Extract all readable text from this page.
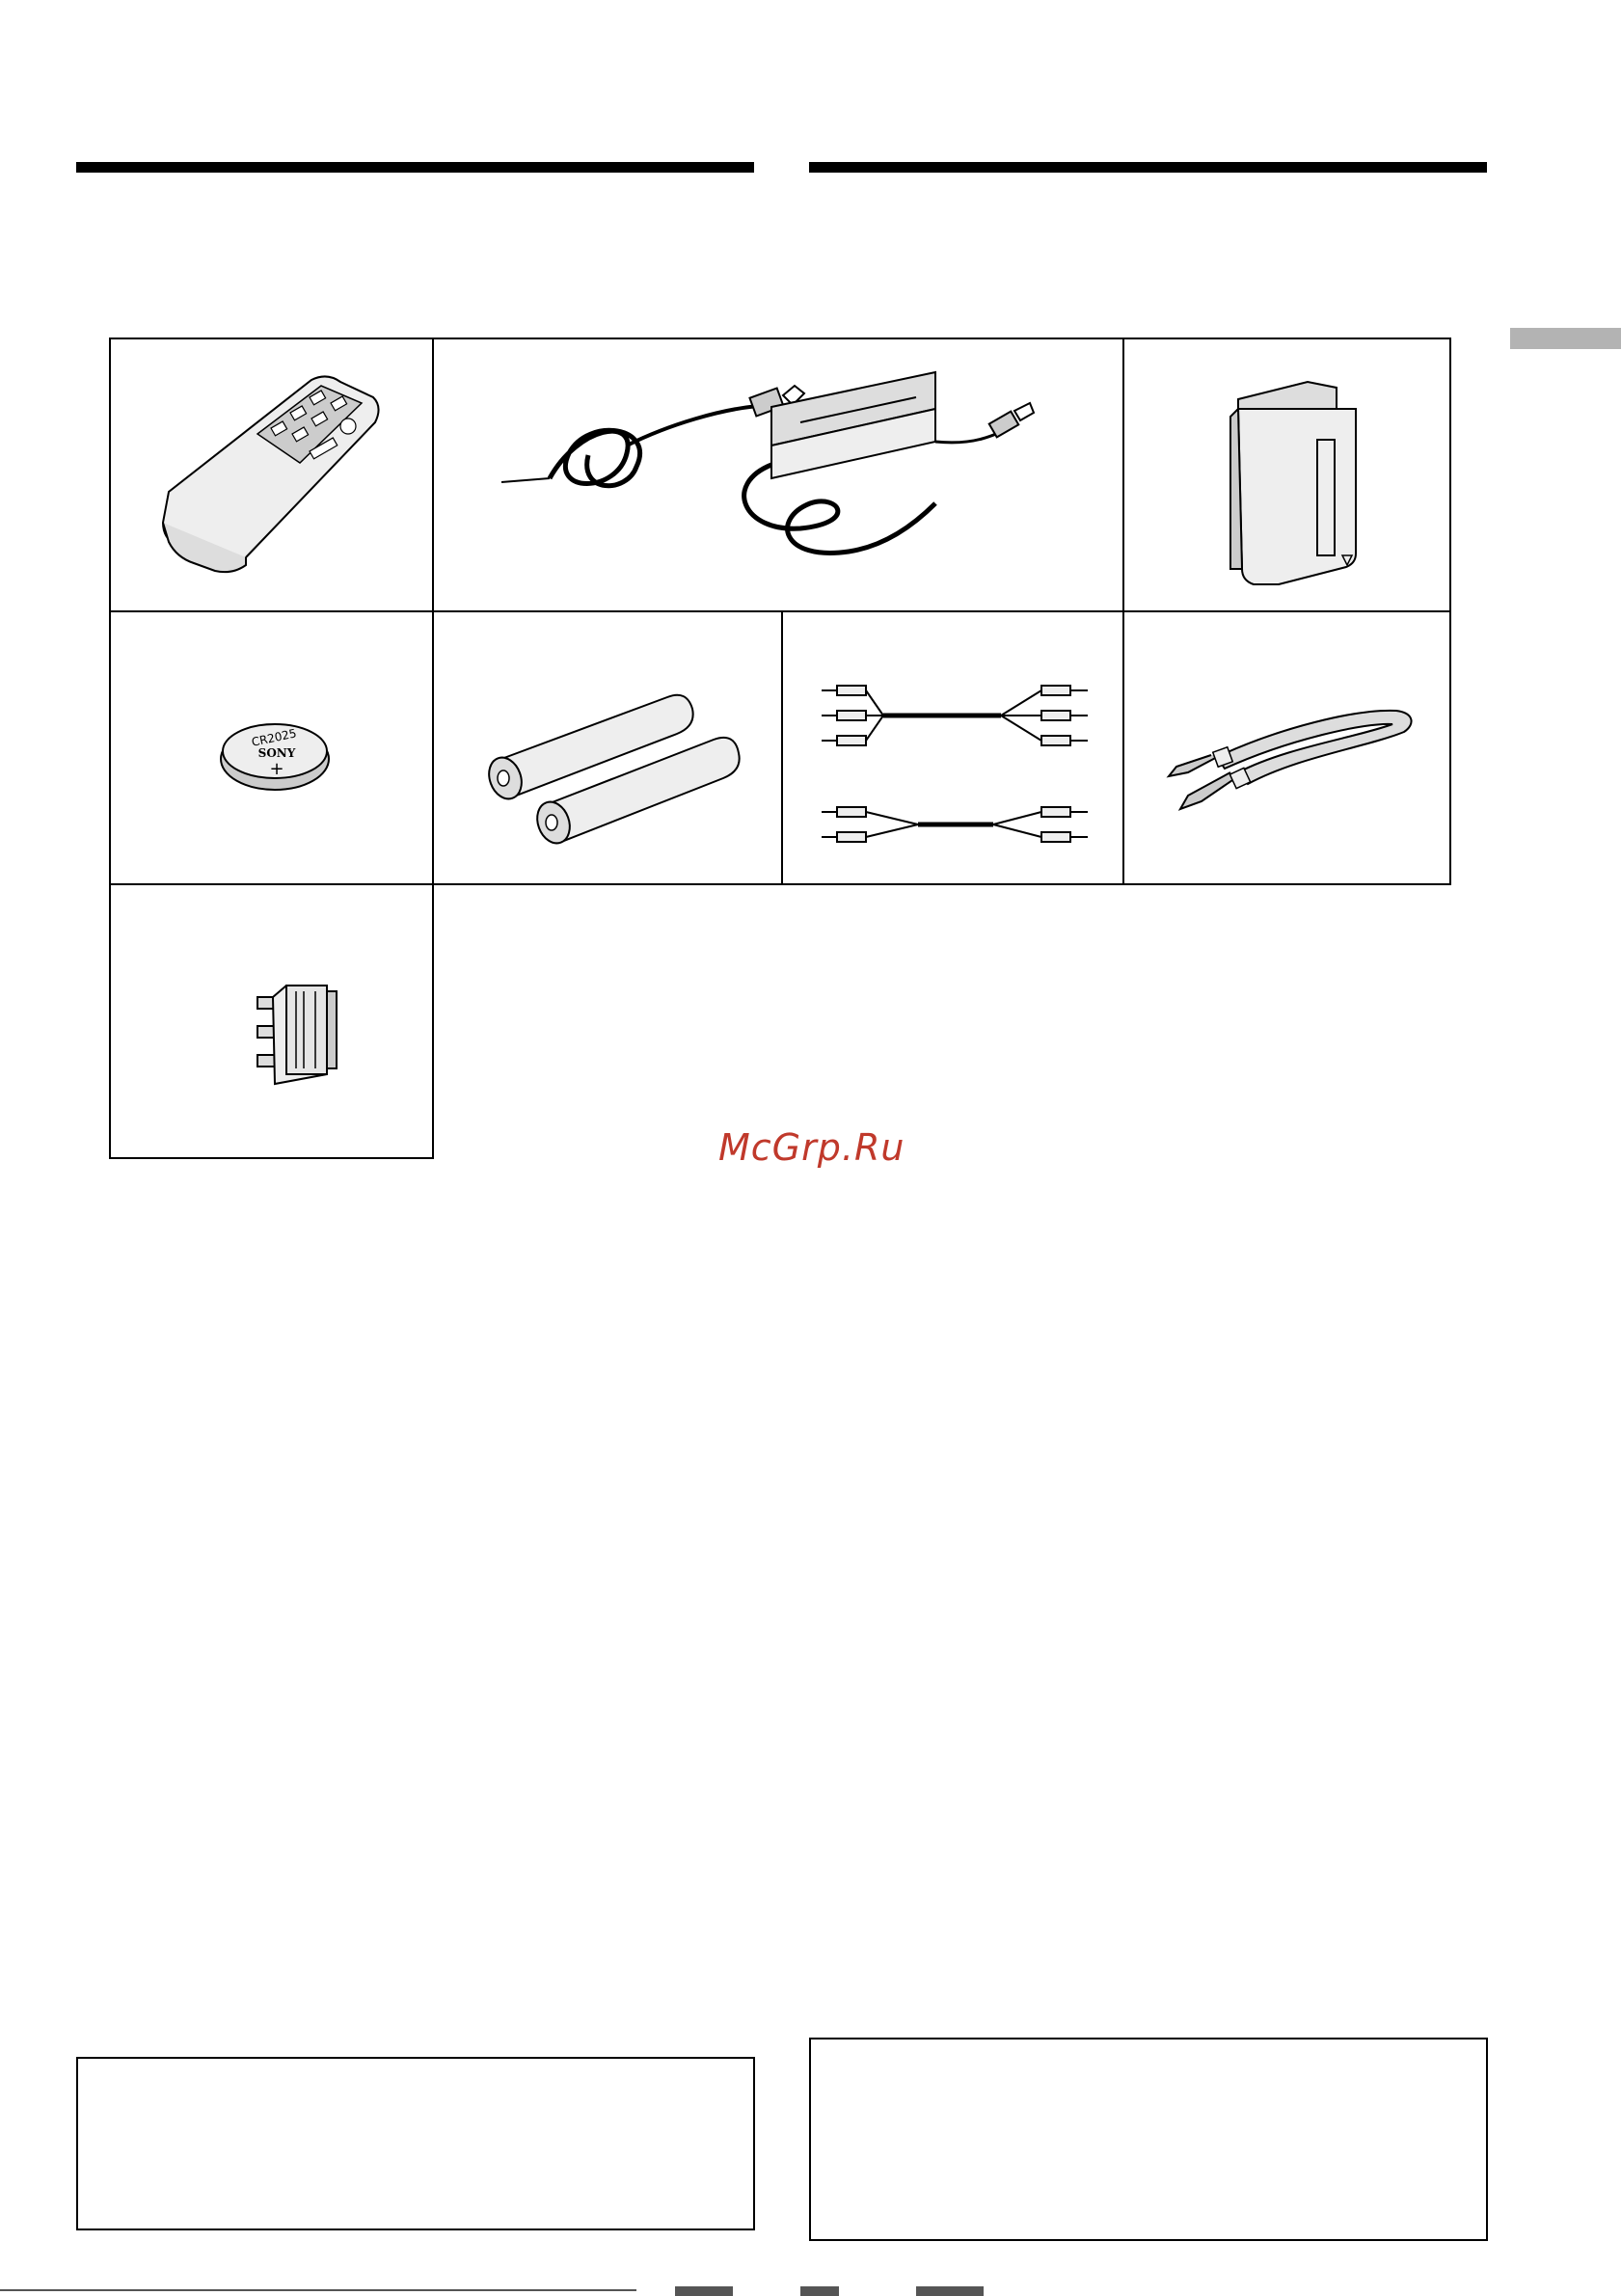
CR2025
SONY
+
McGrp.Ru
